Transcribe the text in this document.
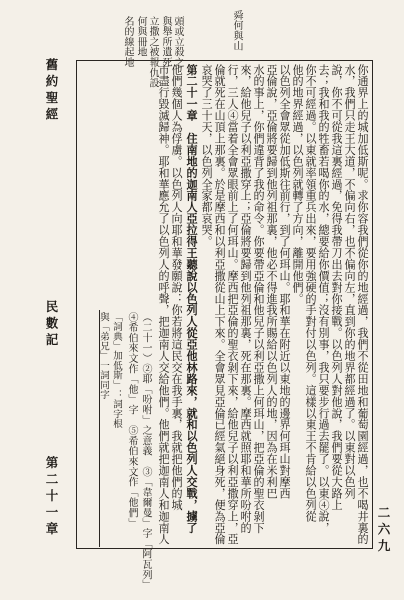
名的線起地 何與冊地 立撒之被報仇設 與舉所遺死 頭或立殺之	舜何與山
舊約聖經
民數記
第二十一章	二六九
你通界上的城加低斯呢。求你容我們從你的地經過，我們不從田地和葡萄園經過，也不喝井裏的
水，我們只走王大道，不偏向右，也不偏向左，直到你的地界都經過了。以東對以色列
說，你不可從我這裏經過，免得我帶刀出去對你接戰。以色列人對他說，我們要從大路上
去；我和我的牲畜若喝你的水，總要給你價值；沒有別事，我只要步行過去罷了。以東④說，
你不可經過。以東就率領重兵出來，要用強硬的手對付以色列。這樣以東王不肯給以色列從
他的地界經過，以色列就轉了方向，離開他們。
以色列全會眾從加低斯往前行，到了何珥山。耶和華在附近以東地的邊界何珥山對摩西
亞倫說，亞倫將要歸到他列祖那裏，他必不得進我所賜給以色列人的地，因為在米利巴
水的事上，你們違背了我的命令。你要帶亞倫和他兒子以利亞撒上何珥山，把亞倫的聖衣剝下
來，給他兒子以利亞撒穿上；亞倫將要歸到他列祖那裏，死在那裏。摩西就照耶和華所吩咐的
行，三人④當着全會眾眼前上了何珥山。摩西把亞倫的聖衣剝下來，給他兒子以利亞撒穿上，亞
倫就死在山頂上那裏。於是摩西和以利亞撒從山上下來。全會眾見亞倫已經氣絕身死，便為亞倫
哀哭了三十天，以色列全家都哀哭。
第二十一章　住南地的迦南人亞拉得王聽說以色列人從亞他林路來，就和以色列人交戰，擄了
他們幾個人為俘虜。以色列人向耶和華發願說：你若將這民交在我手裏，我就把他們的城
市盡行毀滅歸神。耶和華應允了以色列人的呼聲，把迦南人交給他們。他們就把迦南人和迦南人
（二十一）②耶「吩咐」之意義　③「韋爾曼」字「阿瓦列」
④希伯來文作「他」字　⑤希伯來文作「他們」
「詞典」加低斯」：詞字根
與「弟兄」一詞同字
